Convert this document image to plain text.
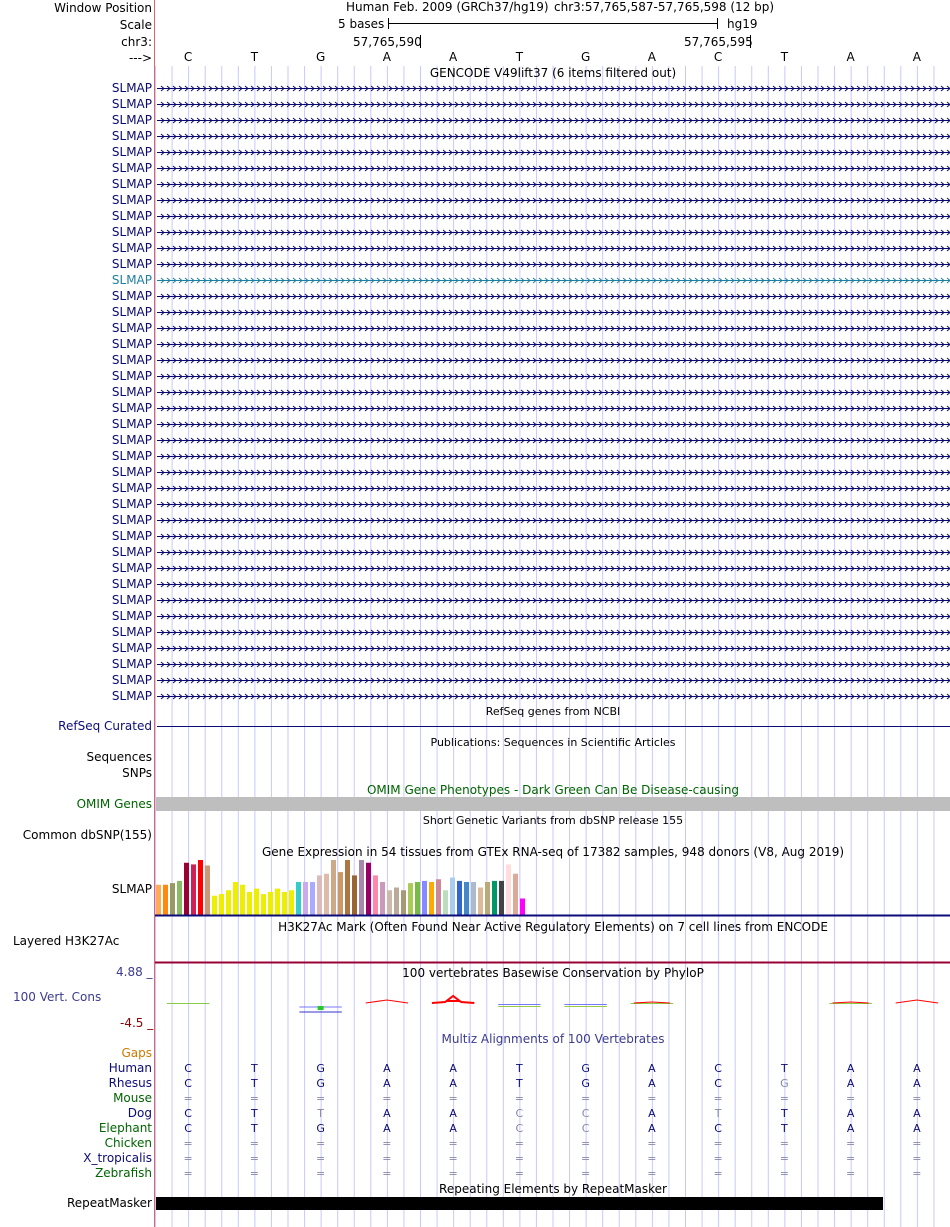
Window Position	Human Feb. 2009 (GRCh37/hg19) chr3:57,765,587-57,765,598 (12 bp)
Scale	5 bases	hg19
chr3:	57,765,590	57,765,595
--->	C	T	G	A	A	T	G	A	C	T	A	A
GENCODE V49lift37 (6 items filtered out)
SLMAP
SLMAP
SLMAP
SLMAP
SLMAP
SLMAP
SLMAP
SLMAP
SLMAP
SLMAP
SLMAP
SLMAP
SLMAP
SLMAP
SLMAP
SLMAP
SLMAP
SLMAP
SLMAP
SLMAP
SLMAP
SLMAP
SLMAP
SLMAP
SLMAP
SLMAP
SLMAP
SLMAP
SLMAP
SLMAP
SLMAP
SLMAP
SLMAP
SLMAP
SLMAP
SLMAP
SLMAP
SLMAP
SLMAP
RefSeq genes from NCBI
RefSeq Curated
Publications: Sequences in Scientific Articles
Sequences
SNPs
OMIM Gene Phenotypes - Dark Green Can Be Disease-causing
OMIM Genes
Short Genetic Variants from dbSNP release 155
Common dbSNP(155)
Gene Expression in 54 tissues from GTEx RNA-seq of 17382 samples, 948 donors (V8, Aug 2019)
SLMAP
H3K27Ac Mark (Often Found Near Active Regulatory Elements) on 7 cell lines from ENCODE
Layered H3K27Ac
100 vertebrates Basewise Conservation by PhyloP
4.88 _
100 Vert. Cons
-4.5 _
Multiz Alignments of 100 Vertebrates
Gaps
Human	C	T	G	A	A	T	G	A	C	T	A	A
Rhesus	C	T	G	A	A	T	G	A	C	G	A	A
Mouse	=	=	=	=	=	=	=	=	=	=	=	=
Dog	C	T	T	A	A	C	C	A	T	T	A	A
Elephant	C	T	G	A	A	C	C	A	C	T	A	A
Chicken	=	=	=	=	=	=	=	=	=	=	=	=
X_tropicalis	=	=	=	=	=	=	=	=	=	=	=	=
Zebrafish	=	=	=	=	=	=	=	=	=	=	=	=
Repeating Elements by RepeatMasker
RepeatMasker
